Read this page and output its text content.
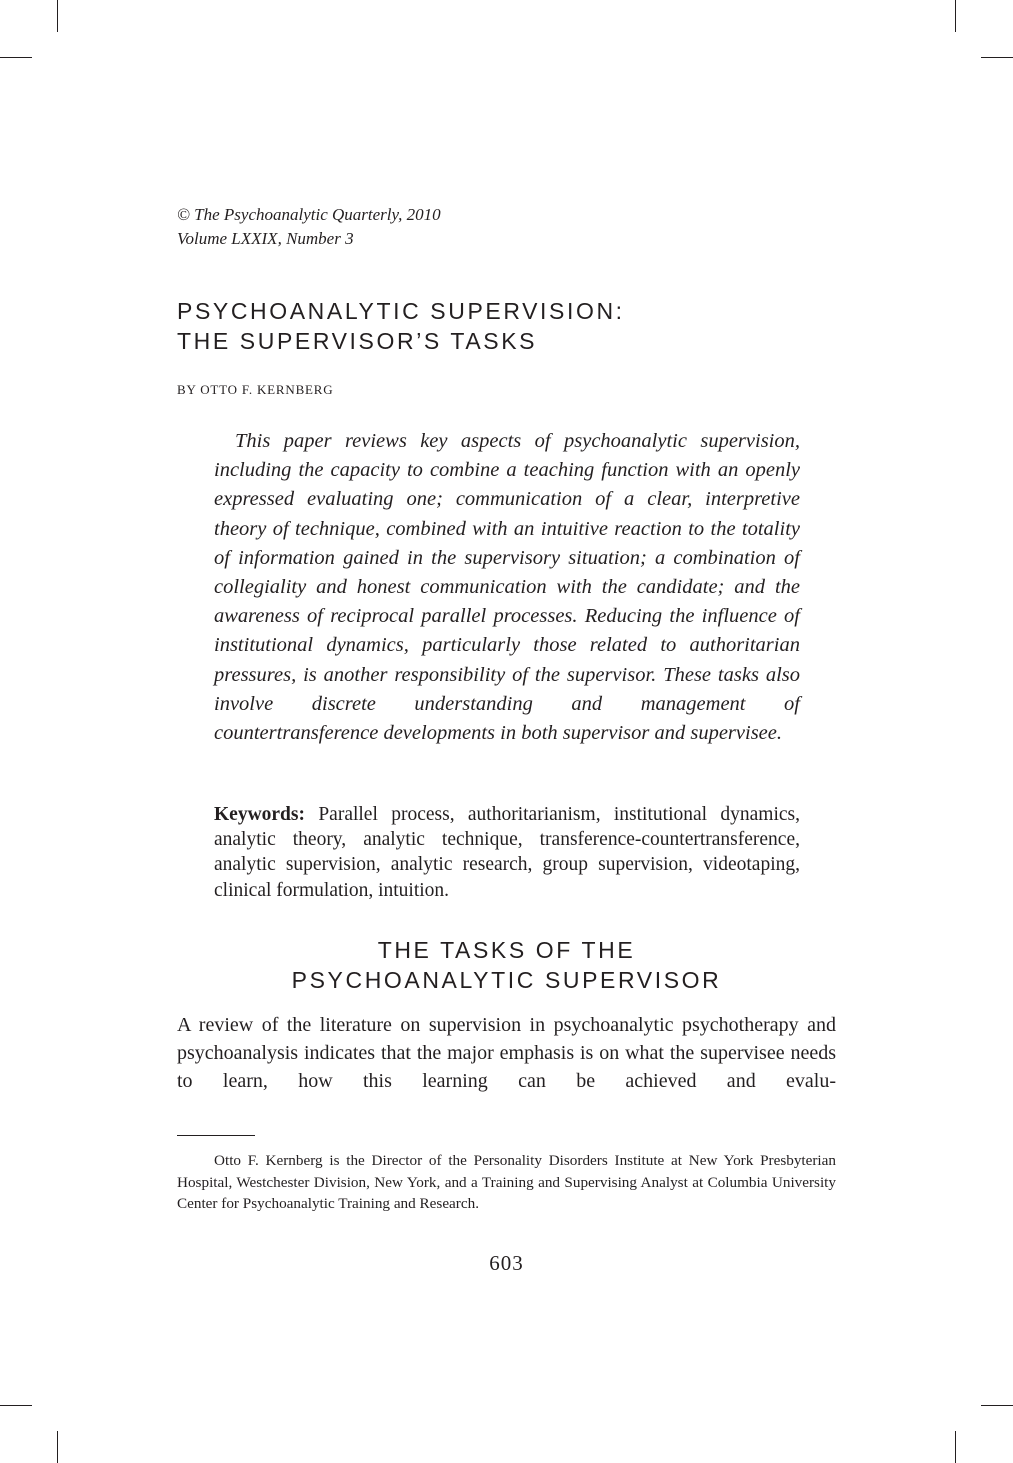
© The Psychoanalytic Quarterly, 2010
Volume LXXIX, Number 3
PSYCHOANALYTIC SUPERVISION:
THE SUPERVISOR’S TASKS
BY OTTO F. KERNBERG

This paper reviews key aspects of psychoanalytic supervision, including the capacity to combine a teaching function with an openly expressed evaluating one; communication of a clear, interpretive theory of technique, combined with an intuitive reaction to the totality of information gained in the supervisory situation; a combination of collegiality and honest communication with the candidate; and the awareness of reciprocal parallel processes. Reducing the influence of institutional dynamics, particularly those related to authoritarian pressures, is another responsibility of the supervisor. These tasks also involve discrete understanding and management of countertransference developments in both supervisor and supervisee.

Keywords: Parallel process, authoritarianism, institutional dynamics, analytic theory, analytic technique, transference-countertransference, analytic supervision, analytic research, group supervision, videotaping, clinical formulation, intuition.

THE TASKS OF THE
PSYCHOANALYTIC SUPERVISOR

A review of the literature on supervision in psychoanalytic psychotherapy and psychoanalysis indicates that the major emphasis is on what the supervisee needs to learn, how this learning can be achieved and evalu-

Otto F. Kernberg is the Director of the Personality Disorders Institute at New York Presbyterian Hospital, Westchester Division, New York, and a Training and Supervising Analyst at Columbia University Center for Psychoanalytic Training and Research.

603
